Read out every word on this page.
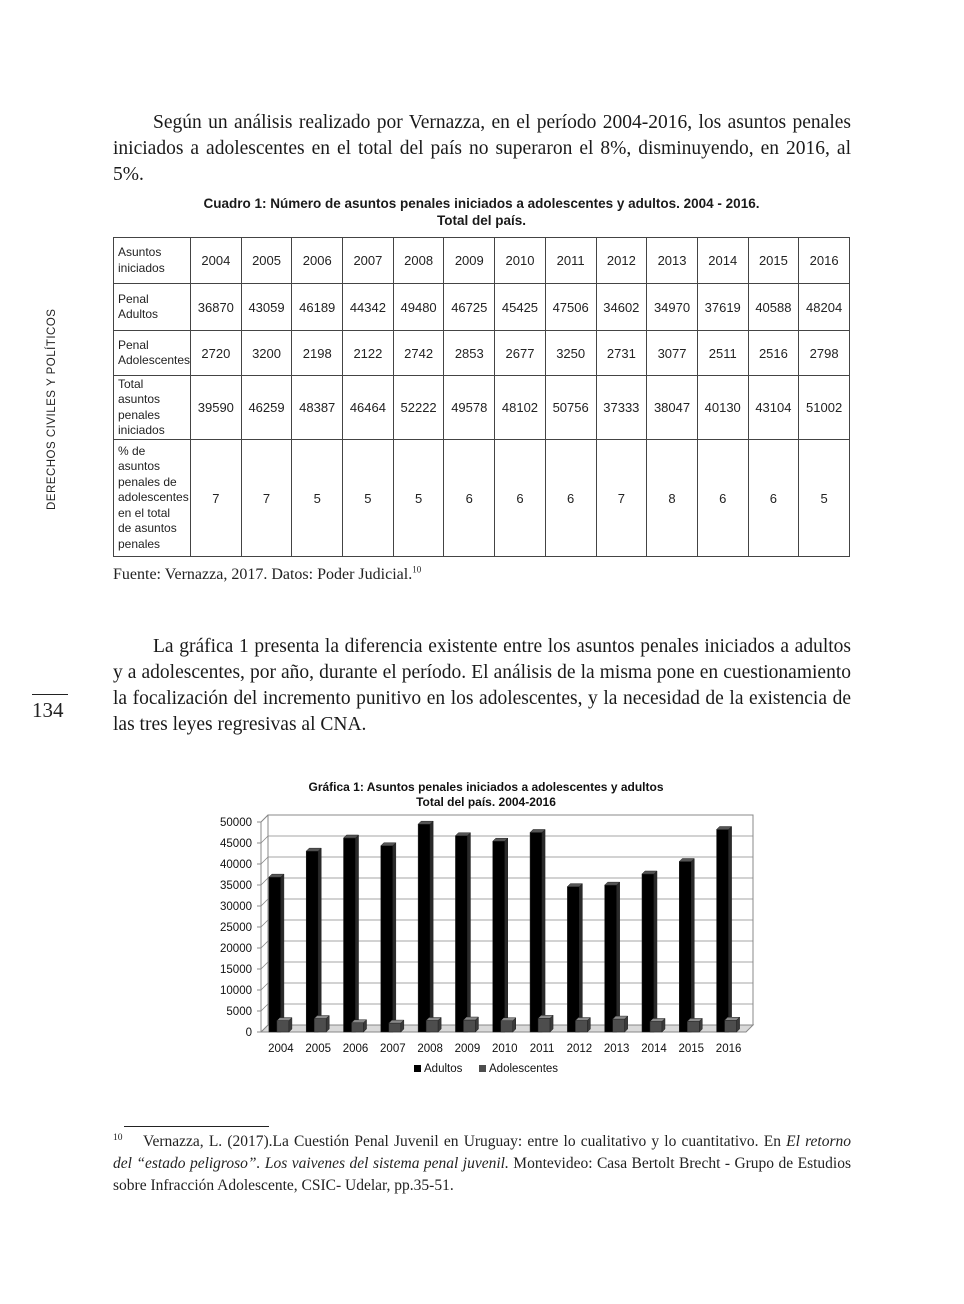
DERECHOS CIVILES Y POLÍTICOS
134

Según un análisis realizado por Vernazza, en el período 2004-2016, los asuntos penales iniciados a adolescentes en el total del país no superaron el 8%, disminuyendo, en 2016, al 5%.

Cuadro 1: Número de asuntos penales iniciados a adolescentes y adultos. 2004 - 2016.
Total del país.
Asuntos iniciados	2004	2005	2006	2007	2008	2009	2010	2011	2012	2013	2014	2015	2016
Penal Adultos	36870	43059	46189	44342	49480	46725	45425	47506	34602	34970	37619	40588	48204
Penal Adolescentes	2720	3200	2198	2122	2742	2853	2677	3250	2731	3077	2511	2516	2798
Total asuntos penales iniciados	39590	46259	48387	46464	52222	49578	48102	50756	37333	38047	40130	43104	51002
% de asuntos penales de adolescentes en el total de asuntos penales	7	7	5	5	5	6	6	6	7	8	6	6	5
Fuente: Vernazza, 2017. Datos: Poder Judicial.$^{10}$

La gráfica 1 presenta la diferencia existente entre los asuntos penales iniciados a adultos y a adolescentes, por año, durante el período. El análisis de la misma pone en cuestionamiento la focalización del incremento punitivo en los adolescentes, y la necesidad de la existencia de las tres leyes regresivas al CNA.

Gráfica 1: Asuntos penales iniciados a adolescentes y adultos
Total del país. 2004-2016
0
5000
10000
15000
20000
25000
30000
35000
40000
45000
50000
2004 2005 2006 2007 2008 2009 2010 2011 2012 2013 2014 2015 2016
Adultos Adolescentes

10 Vernazza, L. (2017).La Cuestión Penal Juvenil en Uruguay: entre lo cualitativo y lo cuantitativo. En El retorno del “estado peligroso”. Los vaivenes del sistema penal juvenil. Montevideo: Casa Bertolt Brecht - Grupo de Estudios sobre Infracción Adolescente, CSIC- Udelar, pp.35-51.
